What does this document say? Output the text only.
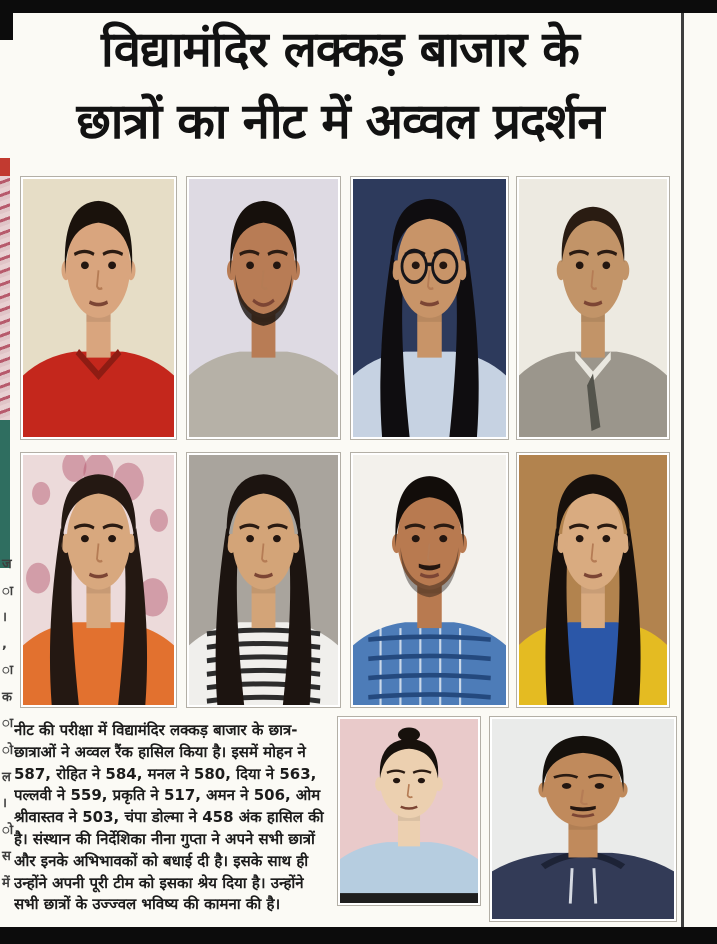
विद्यामंदिर लक्कड़ बाजार के
छात्रों का नीट में अव्वल प्रदर्शन
ज
ा
।
,
ा
क
ा
ो
ल
।
ो
स
में
नीट की परीक्षा में विद्यामंदिर लक्कड़ बाजार के छात्र-
छात्राओं ने अव्वल रैंक हासिल किया है। इसमें मोहन ने
587, रोहित ने 584, मनल ने 580, दिया ने 563,
पल्लवी ने 559, प्रकृति ने 517, अमन ने 506, ओम
श्रीवास्तव ने 503, चंपा डोल्मा ने 458 अंक हासिल की
है। संस्थान की निर्देशिका नीना गुप्ता ने अपने सभी छात्रों
और इनके अभिभावकों को बधाई दी है। इसके साथ ही
उन्होंने अपनी पूरी टीम को इसका श्रेय दिया है। उन्होंने
सभी छात्रों के उज्ज्वल भविष्य की कामना की है।
